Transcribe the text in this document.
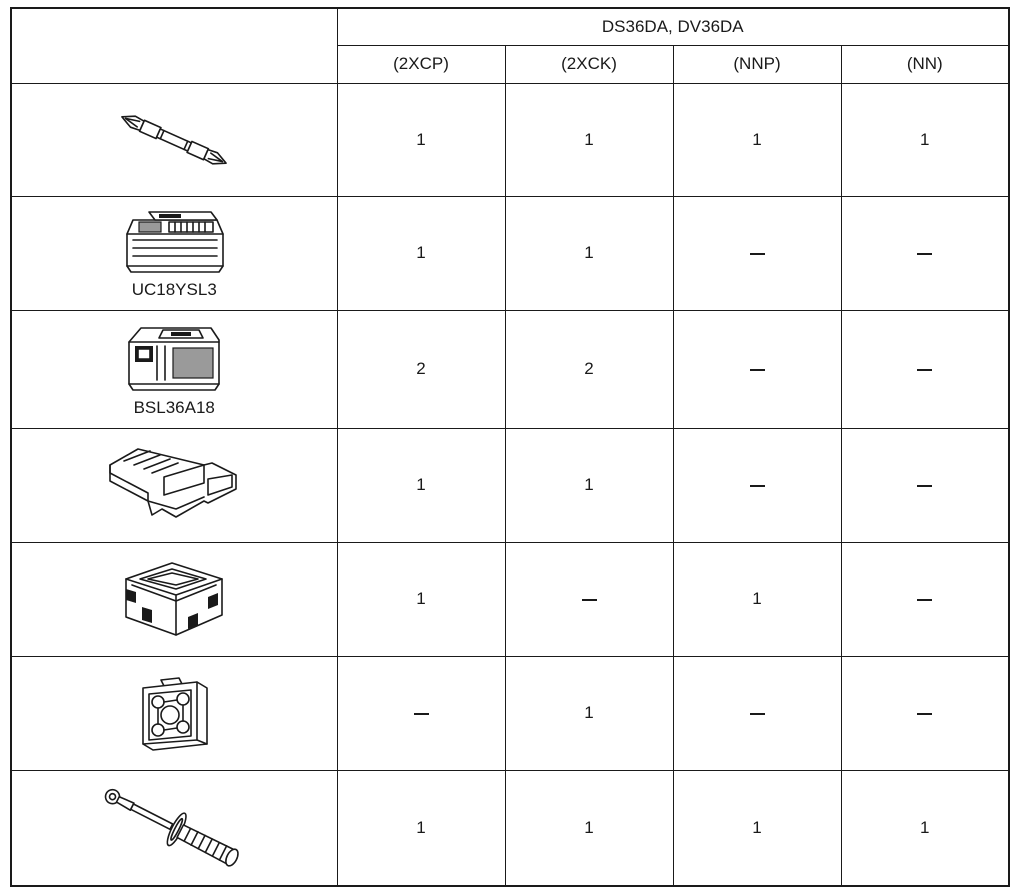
	DS36DA, DV36DA			
	(2XCP)	(2XCK)	(NNP)	(NN)

	1	1	1	1

UC18YSL3	1	1		

BSL36A18	2	2		

	1	1		

	1		1	

		1		

	1	1	1	1
